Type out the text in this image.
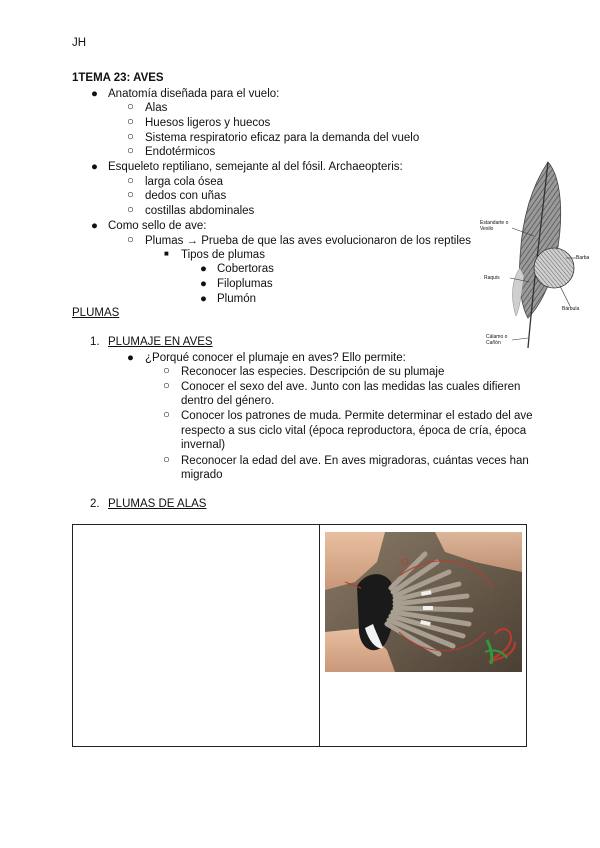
JH
1TEMA 23: AVES
● Anatomía diseñada para el vuelo:
○ Alas
○ Huesos ligeros y huecos
○ Sistema respiratorio eficaz para la demanda del vuelo
○ Endotérmicos
● Esqueleto reptiliano, semejante al del fósil. Archaeopteris:
○ larga cola ósea
○ dedos con uñas
○ costillas abdominales
● Como sello de ave:
○ Plumas → Prueba de que las aves evolucionaron de los reptiles
■ Tipos de plumas
● Cobertoras
● Filoplumas
● Plumón
Estandarte o Vexilo
Barba
Raquis
Bárbula
Cálamo o Cañón
PLUMAS
1. PLUMAJE EN AVES
● ¿Porqué conocer el plumaje en aves? Ello permite:
○ Reconocer las especies. Descripción de su plumaje
○ Conocer el sexo del ave. Junto con las medidas las cuales difieren
dentro del género.
○ Conocer los patrones de muda. Permite determinar el estado del ave
respecto a sus ciclo vital (época reproductora, época de cría, época
invernal)
○ Reconocer la edad del ave. En aves migradoras, cuántas veces han
migrado
2. PLUMAS DE ALAS
